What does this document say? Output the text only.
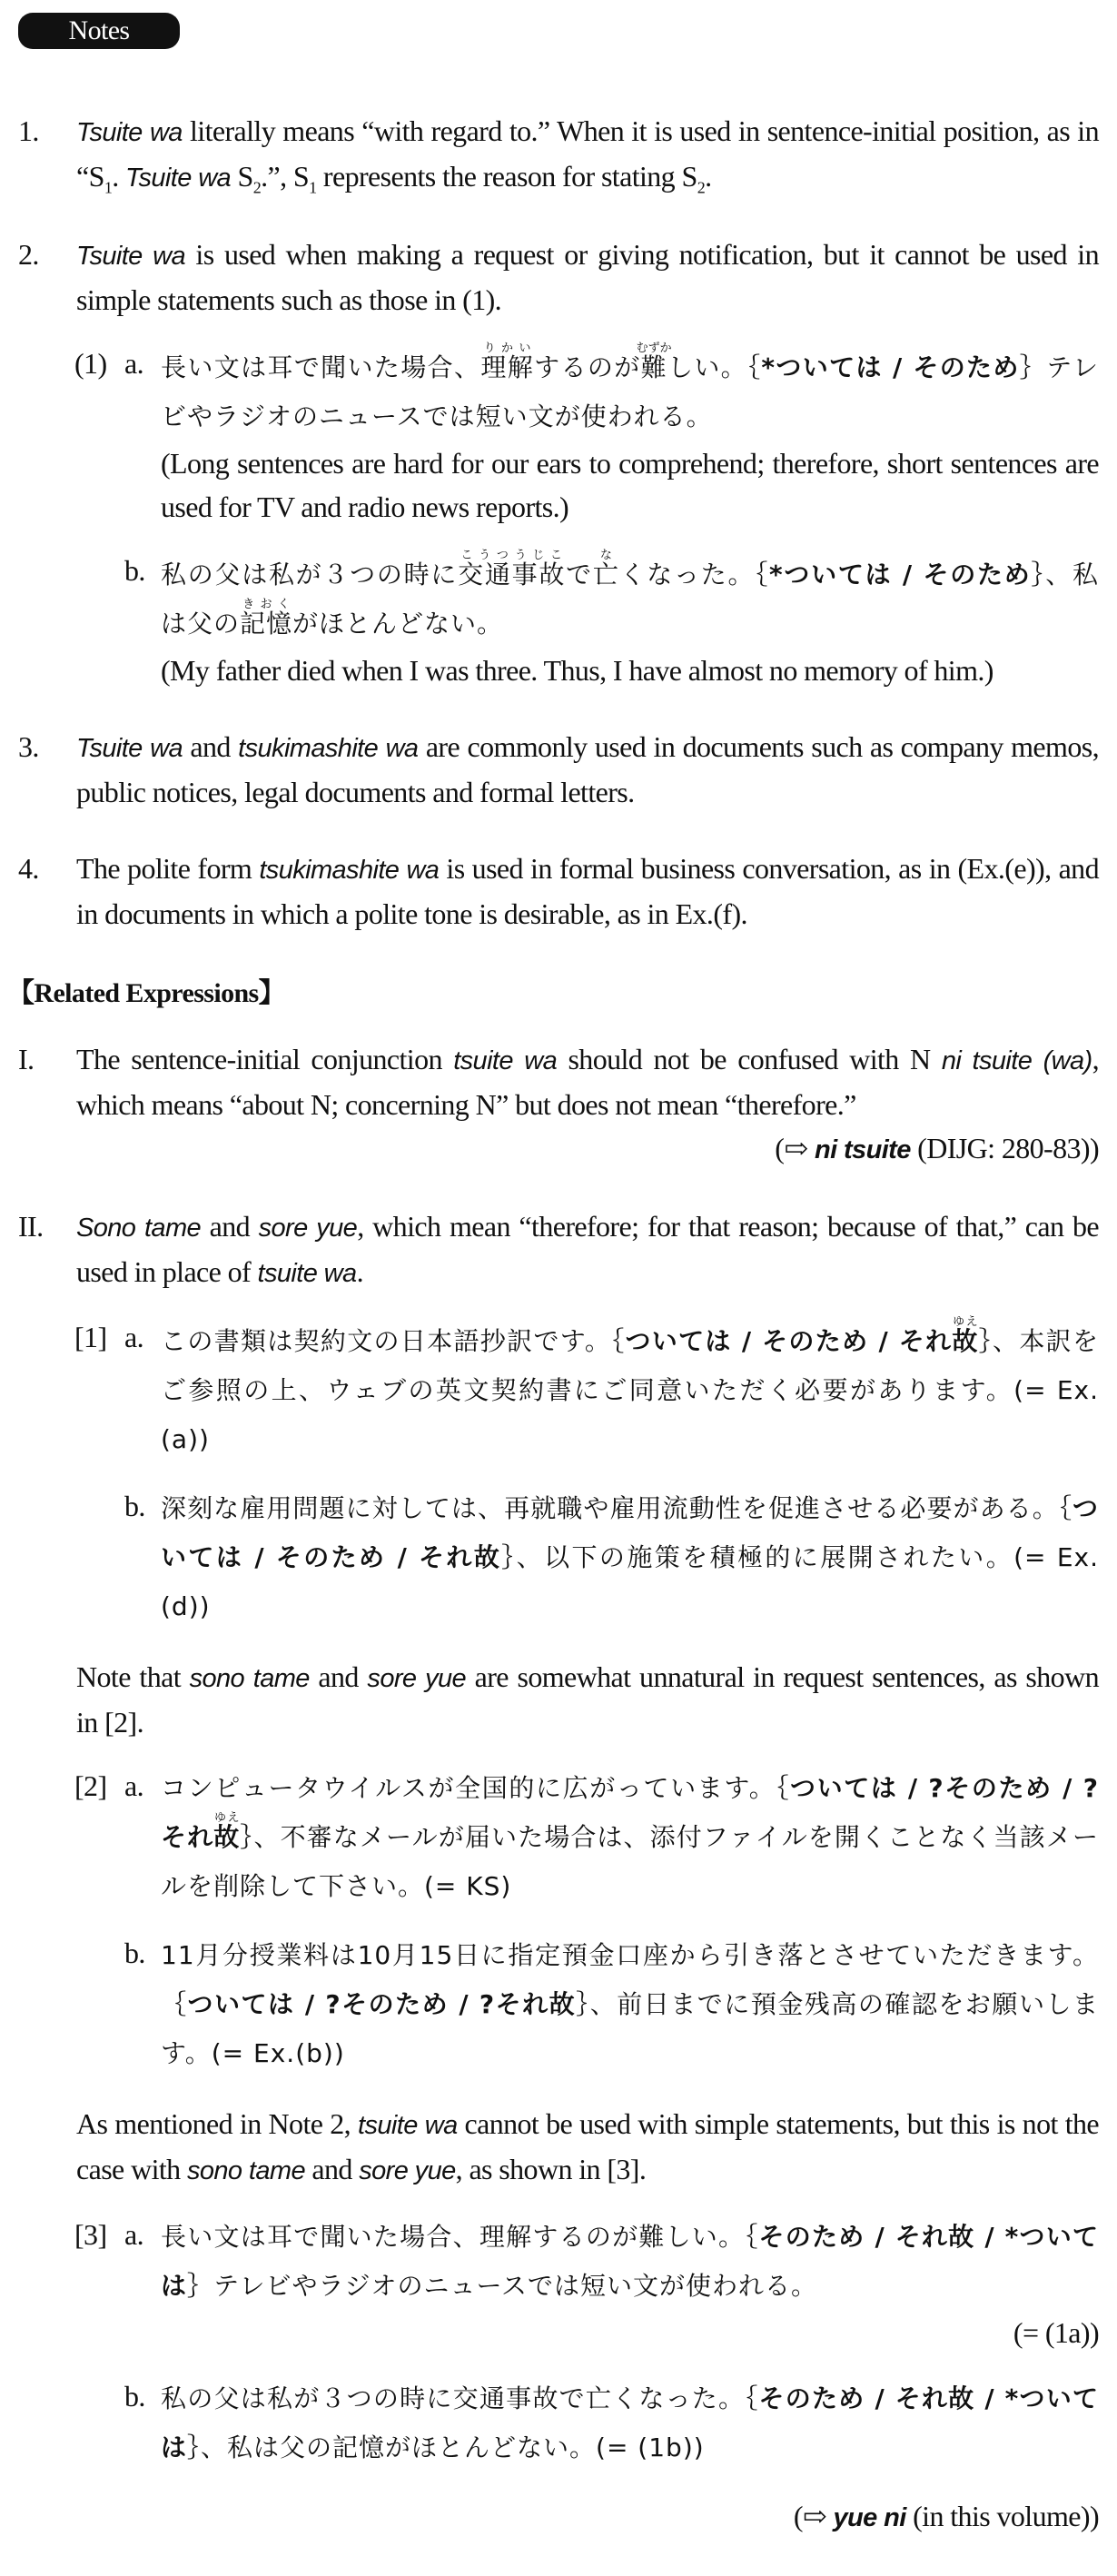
Notes
1. Tsuite wa literally means “with regard to.” When it is used in sentence-initial position, as in “$S_1$. Tsuite wa $S_2$.”, $S_1$ represents the reason for stating $S_2$.
2. Tsuite wa is used when making a request or giving notification, but it cannot be used in simple statements such as those in (1).
(1) a. 長い文は耳で聞いた場合、理解りかいするのが難むずかしい。｛*ついては / そのため｝テレビやラジオのニュースでは短い文が使われる。
(Long sentences are hard for our ears to comprehend; therefore, short sentences are used for TV and radio news reports.)
b. 私の父は私が３つの時に交通事故こうつうじこで亡なくなった。｛*ついては / そのため｝、私は父の記憶きおくがほとんどない。
(My father died when I was three. Thus, I have almost no memory of him.)
3. Tsuite wa and tsukimashite wa are commonly used in documents such as company memos, public notices, legal documents and formal letters.
4. The polite form tsukimashite wa is used in formal business conversation, as in (Ex.(e)), and in documents in which a polite tone is desirable, as in Ex.(f).
【Related Expressions】
I. The sentence-initial conjunction tsuite wa should not be confused with N ni tsuite (wa), which means “about N; concerning N” but does not mean “therefore.”
(⇨ ni tsuite (DIJG: 280-83))
II. Sono tame and sore yue, which mean “therefore; for that reason; because of that,” can be used in place of tsuite wa.
[1] a. この書類は契約文の日本語抄訳です。｛ついては / そのため / それ故ゆえ｝、本訳をご参照の上、ウェブの英文契約書にご同意いただく必要があります。(= Ex.(a))
b. 深刻な雇用問題に対しては、再就職や雇用流動性を促進させる必要がある。｛ついては / そのため / それ故｝、以下の施策を積極的に展開されたい。(= Ex.(d))
Note that sono tame and sore yue are somewhat unnatural in request sentences, as shown in [2].
[2] a. コンピュータウイルスが全国的に広がっています。｛ついては / ?そのため / ?それ故ゆえ｝、不審なメールが届いた場合は、添付ファイルを開くことなく当該メールを削除して下さい。(= KS)
b. 11月分授業料は10月15日に指定預金口座から引き落とさせていただきます。｛ついては / ?そのため / ?それ故｝、前日までに預金残高の確認をお願いします。(= Ex.(b))
As mentioned in Note 2, tsuite wa cannot be used with simple statements, but this is not the case with sono tame and sore yue, as shown in [3].
[3] a. 長い文は耳で聞いた場合、理解するのが難しい。｛そのため / それ故 / *ついては｝テレビやラジオのニュースでは短い文が使われる。
(= (1a))
b. 私の父は私が３つの時に交通事故で亡くなった。｛そのため / それ故 / *ついては｝、私は父の記憶がほとんどない。(= (1b))
(⇨ yue ni (in this volume))
